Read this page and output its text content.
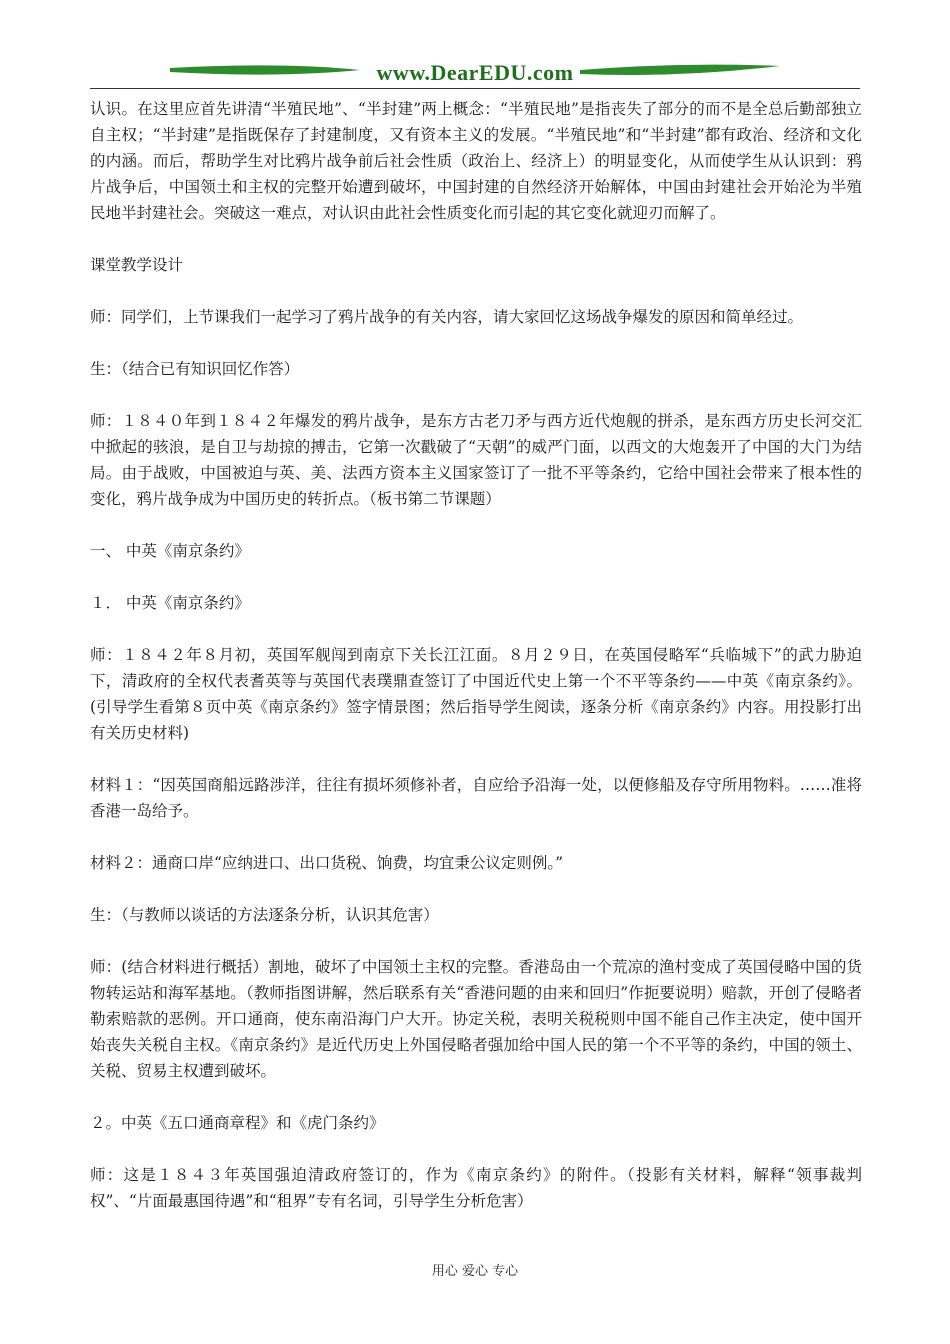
www.DearEDU.com

认识。在这里应首先讲清“半殖民地”、“半封建”两上概念：“半殖民地”是指丧失了部分的而不是全总后勤部独立自主权；“半封建”是指既保存了封建制度，又有资本主义的发展。“半殖民地”和“半封建”都有政治、经济和文化的内涵。而后，帮助学生对比鸦片战争前后社会性质（政治上、经济上）的明显变化，从而使学生从认识到：鸦片战争后，中国领土和主权的完整开始遭到破坏，中国封建的自然经济开始解体，中国由封建社会开始沦为半殖民地半封建社会。突破这一难点，对认识由此社会性质变化而引起的其它变化就迎刃而解了。

课堂教学设计

师：同学们，上节课我们一起学习了鸦片战争的有关内容，请大家回忆这场战争爆发的原因和简单经过。

生：（结合已有知识回忆作答）

师：１８４０年到１８４２年爆发的鸦片战争，是东方古老刀矛与西方近代炮舰的拼杀，是东西方历史长河交汇中掀起的骇浪，是自卫与劫掠的搏击，它第一次戳破了“天朝”的威严门面，以西文的大炮轰开了中国的大门为结局。由于战败，中国被迫与英、美、法西方资本主义国家签订了一批不平等条约，它给中国社会带来了根本性的变化，鸦片战争成为中国历史的转折点。（板书第二节课题）

一、 中英《南京条约》

１． 中英《南京条约》

师：１８４２年８月初，英国军舰闯到南京下关长江江面。８月２９日，在英国侵略军“兵临城下”的武力胁迫下，清政府的全权代表耆英等与英国代表璞鼎查签订了中国近代史上第一个不平等条约——中英《南京条约》。(引导学生看第８页中英《南京条约》签字情景图；然后指导学生阅读，逐条分析《南京条约》内容。用投影打出有关历史材料)

材料１：“因英国商船远路涉洋，往往有损坏须修补者，自应给予沿海一处，以便修船及存守所用物料。……准将香港一岛给予。

材料２：通商口岸“应纳进口、出口货税、饷费，均宜秉公议定则例。”

生：（与教师以谈话的方法逐条分析，认识其危害）

师：(结合材料进行概括）割地，破坏了中国领土主权的完整。香港岛由一个荒凉的渔村变成了英国侵略中国的货物转运站和海军基地。（教师指图讲解，然后联系有关“香港问题的由来和回归”作扼要说明）赔款，开创了侵略者勒索赔款的恶例。开口通商，使东南沿海门户大开。协定关税，表明关税税则中国不能自己作主决定，使中国开始丧失关税自主权。《南京条约》是近代历史上外国侵略者强加给中国人民的第一个不平等的条约，中国的领土、关税、贸易主权遭到破坏。

２。中英《五口通商章程》和《虎门条约》

师：这是１８４３年英国强迫清政府签订的，作为《南京条约》的附件。（投影有关材料，解释“领事裁判权”、“片面最惠国待遇”和“租界”专有名词，引导学生分析危害）

用心 爱心 专心
